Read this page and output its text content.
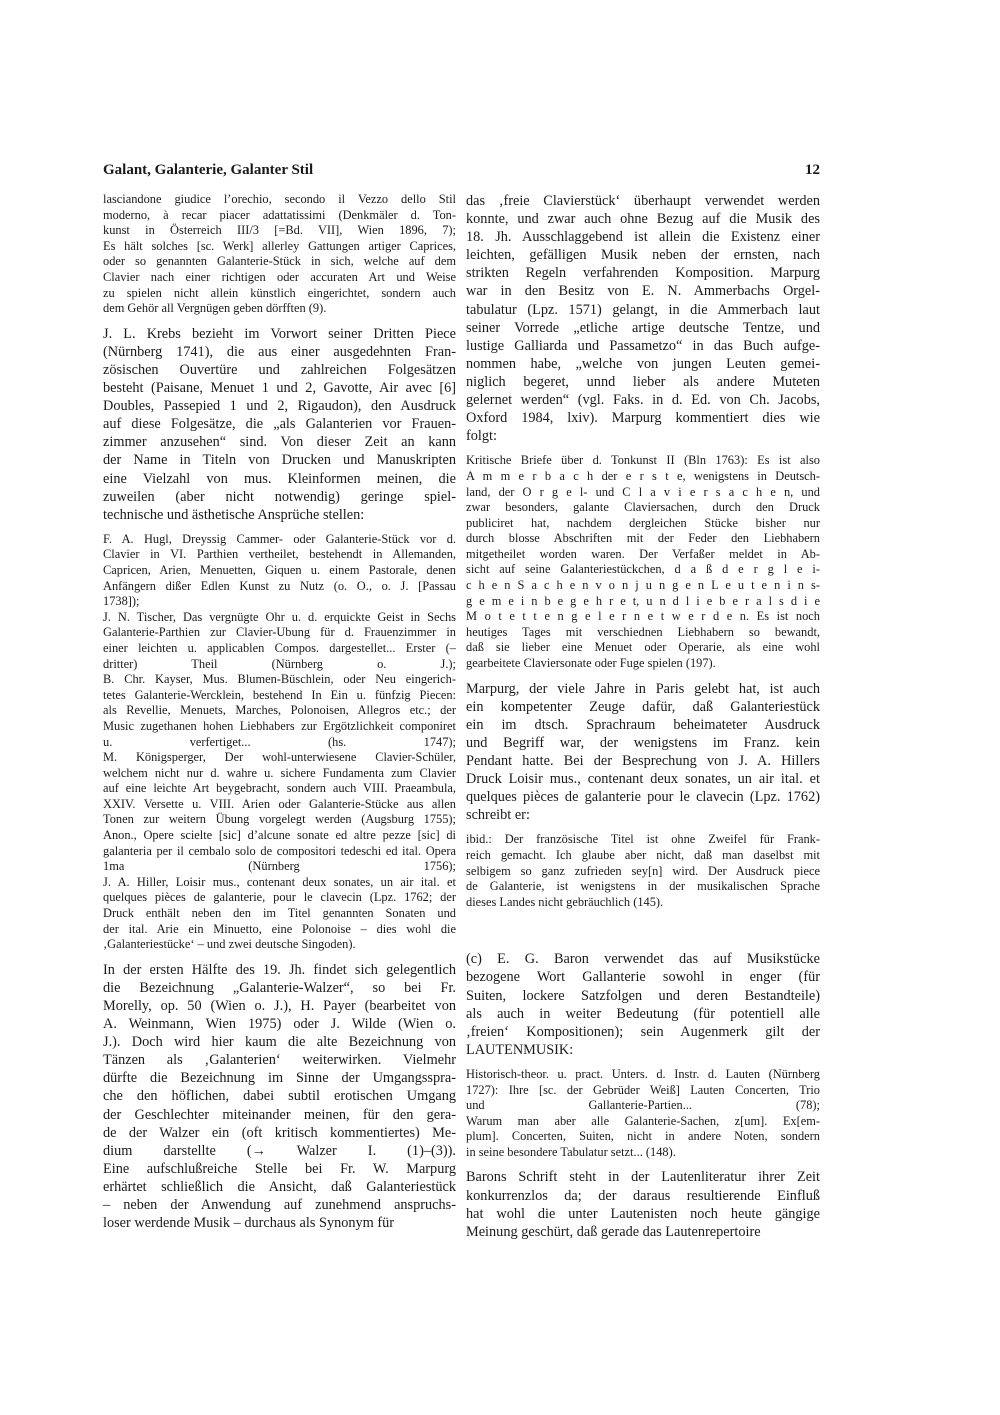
Galant, Galanterie, Galanter Stil	12
lasciandone giudice l’orechio, secondo il Vezzo dello Stil
moderno, à recar piacer adattatissimi (Denkmäler d. Ton-
kunst in Österreich III/3 [=Bd. VII], Wien 1896, 7);
Es hält solches [sc. Werk] allerley Gattungen artiger Caprices,
oder so genannten Galanterie-Stück in sich, welche auf dem
Clavier nach einer richtigen oder accuraten Art und Weise
zu spielen nicht allein künstlich eingerichtet, sondern auch
dem Gehör all Vergnügen geben dörfften (9).
J. L. Krebs bezieht im Vorwort seiner Dritten Piece
(Nürnberg 1741), die aus einer ausgedehnten Fran-
zösischen Ouvertüre und zahlreichen Folgesätzen
besteht (Paisane, Menuet 1 und 2, Gavotte, Air avec [6]
Doubles, Passepied 1 und 2, Rigaudon), den Ausdruck
auf diese Folgesätze, die „als Galanterien vor Frauen-
zimmer anzusehen“ sind. Von dieser Zeit an kann
der Name in Titeln von Drucken und Manuskripten
eine Vielzahl von mus. Kleinformen meinen, die
zuweilen (aber nicht notwendig) geringe spiel-
technische und ästhetische Ansprüche stellen:
F. A. Hugl, Dreyssig Cammer- oder Galanterie-Stück vor d.
Clavier in VI. Parthien vertheilet, bestehendt in Allemanden,
Capricen, Arien, Menuetten, Giquen u. einem Pastorale, denen
Anfängern dißer Edlen Kunst zu Nutz (o. O., o. J. [Passau
1738]);
J. N. Tischer, Das vergnügte Ohr u. d. erquickte Geist in Sechs
Galanterie-Parthien zur Clavier-Ubung für d. Frauenzimmer in
einer leichten u. applicablen Compos. dargestellet... Erster (–
dritter) Theil (Nürnberg o. J.);
B. Chr. Kayser, Mus. Blumen-Büschlein, oder Neu eingerich-
tetes Galanterie-Wercklein, bestehend In Ein u. fünfzig Piecen:
als Revellie, Menuets, Marches, Polonoisen, Allegros etc.; der
Music zugethanen hohen Liebhabers zur Ergötzlichkeit componiret
u. verfertiget... (hs. 1747);
M. Königsperger, Der wohl-unterwiesene Clavier-Schüler,
welchem nicht nur d. wahre u. sichere Fundamenta zum Clavier
auf eine leichte Art beygebracht, sondern auch VIII. Praeambula,
XXIV. Versette u. VIII. Arien oder Galanterie-Stücke aus allen
Tonen zur weitern Übung vorgelegt werden (Augsburg 1755);
Anon., Opere scielte [sic] d’alcune sonate ed altre pezze [sic] di
galanteria per il cembalo solo de compositori tedeschi ed ital. Opera
1ma (Nürnberg 1756);
J. A. Hiller, Loisir mus., contenant deux sonates, un air ital. et
quelques pièces de galanterie, pour le clavecin (Lpz. 1762; der
Druck enthält neben den im Titel genannten Sonaten und
der ital. Arie ein Minuetto, eine Polonoise – dies wohl die
‚Galanteriestücke‘ – und zwei deutsche Singoden).
In der ersten Hälfte des 19. Jh. findet sich gelegentlich
die Bezeichnung „Galanterie-Walzer“, so bei Fr.
Morelly, op. 50 (Wien o. J.), H. Payer (bearbeitet von
A. Weinmann, Wien 1975) oder J. Wilde (Wien o.
J.). Doch wird hier kaum die alte Bezeichnung von
Tänzen als ‚Galanterien‘ weiterwirken. Vielmehr
dürfte die Bezeichnung im Sinne der Umgangsspra-
che den höflichen, dabei subtil erotischen Umgang
der Geschlechter miteinander meinen, für den gera-
de der Walzer ein (oft kritisch kommentiertes) Me-
dium darstellte (→ Walzer I. (1)–(3)).
Eine aufschlußreiche Stelle bei Fr. W. Marpurg
erhärtet schließlich die Ansicht, daß Galanteriestück
– neben der Anwendung auf zunehmend anspruchs-
loser werdende Musik – durchaus als Synonym für
das ‚freie Clavierstück‘ überhaupt verwendet werden
konnte, und zwar auch ohne Bezug auf die Musik des
18. Jh. Ausschlaggebend ist allein die Existenz einer
leichten, gefälligen Musik neben der ernsten, nach
strikten Regeln verfahrenden Komposition. Marpurg
war in den Besitz von E. N. Ammerbachs Orgel-
tabulatur (Lpz. 1571) gelangt, in die Ammerbach laut
seiner Vorrede „etliche artige deutsche Tentze, und
lustige Galliarda und Passametzo“ in das Buch aufge-
nommen habe, „welche von jungen Leuten gemei-
niglich begeret, unnd lieber als andere Muteten
gelernet werden“ (vgl. Faks. in d. Ed. von Ch. Jacobs,
Oxford 1984, lxiv). Marpurg kommentiert dies wie
folgt:
Kritische Briefe über d. Tonkunst II (Bln 1763): Es ist also
A m m e r b a c h der e r s t e, wenigstens in Deutsch-
land, der O r g e l- und C l a v i e r s a c h e n, und
zwar besonders, galante Claviersachen, durch den Druck
publiciret hat, nachdem dergleichen Stücke bisher nur
durch blosse Abschriften mit der Feder den Liebhabern
mitgetheilet worden waren. Der Verfaßer meldet in Ab-
sicht auf seine Galanteriestückchen, d a ß d e r g l e i-
c h e n S a c h e n v o n j u n g e n L e u t e n i n s-
g e m e i n b e g e h r e t, u n d l i e b e r a l s d i e
M o t e t t e n g e l e r n e t w e r d e n. Es ist noch
heutiges Tages mit verschiednen Liebhabern so bewandt,
daß sie lieber eine Menuet oder Operarie, als eine wohl
gearbeitete Claviersonate oder Fuge spielen (197).
Marpurg, der viele Jahre in Paris gelebt hat, ist auch
ein kompetenter Zeuge dafür, daß Galanteriestück
ein im dtsch. Sprachraum beheimateter Ausdruck
und Begriff war, der wenigstens im Franz. kein
Pendant hatte. Bei der Besprechung von J. A. Hillers
Druck Loisir mus., contenant deux sonates, un air ital. et
quelques pièces de galanterie pour le clavecin (Lpz. 1762)
schreibt er:
ibid.: Der französische Titel ist ohne Zweifel für Frank-
reich gemacht. Ich glaube aber nicht, daß man daselbst mit
selbigem so ganz zufrieden sey[n] wird. Der Ausdruck piece
de Galanterie, ist wenigstens in der musikalischen Sprache
dieses Landes nicht gebräuchlich (145).
(c) E. G. Baron verwendet das auf Musikstücke
bezogene Wort Gallanterie sowohl in enger (für
Suiten, lockere Satzfolgen und deren Bestandteile)
als auch in weiter Bedeutung (für potentiell alle
‚freien‘ Kompositionen); sein Augenmerk gilt der
LAUTENMUSIK:
Historisch-theor. u. pract. Unters. d. Instr. d. Lauten (Nürnberg
1727): Ihre [sc. der Gebrüder Weiß] Lauten Concerten, Trio
und Gallanterie-Partien... (78);
Warum man aber alle Galanterie-Sachen, z[um]. Ex[em-
plum]. Concerten, Suiten, nicht in andere Noten, sondern
in seine besondere Tabulatur setzt... (148).
Barons Schrift steht in der Lautenliteratur ihrer Zeit
konkurrenzlos da; der daraus resultierende Einfluß
hat wohl die unter Lautenisten noch heute gängige
Meinung geschürt, daß gerade das Lautenrepertoire
